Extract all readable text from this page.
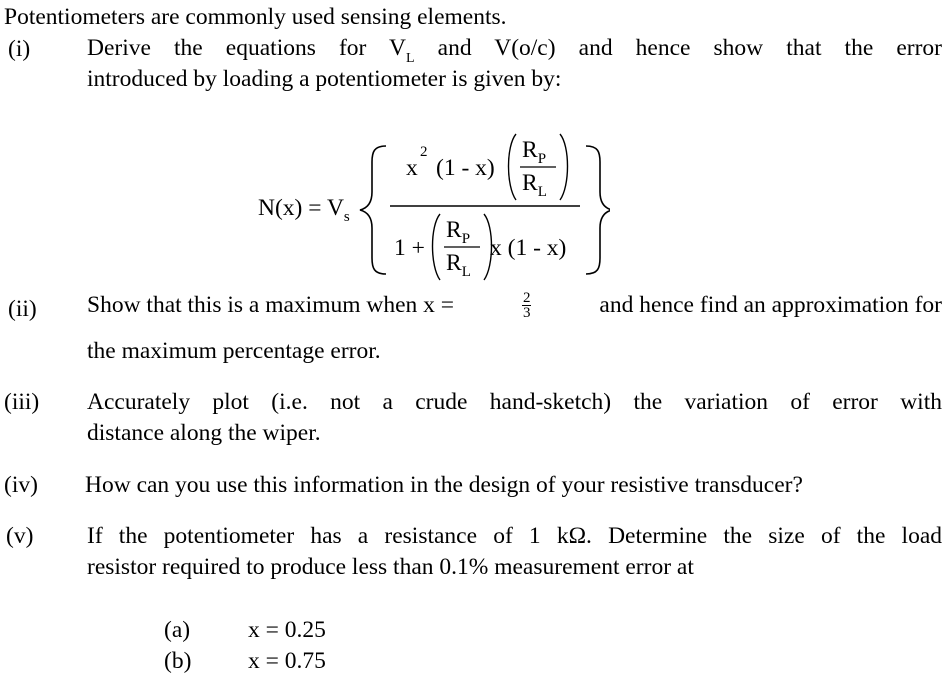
Potentiometers are commonly used sensing elements.
(i) Derive the equations for $V_L$ and V(o/c) and hence show that the error
introduced by loading a potentiometer is given by:
$N(x) = V_s$
x
2
(1 - x)
$R_P$
$R_L$
1 +
$R_P$
$R_L$
x (1 - x)
(ii) Show that this is a maximum when x =	$\frac{2}{3}$	and hence find an approximation for
the maximum percentage error.
(iii) Accurately plot (i.e. not a crude hand-sketch) the variation of error with
distance along the wiper.
(iv) How can you use this information in the design of your resistive transducer?
(v) If the potentiometer has a resistance of 1 kΩ. Determine the size of the load
resistor required to produce less than 0.1% measurement error at
(a) x = 0.25
(b) x = 0.75
